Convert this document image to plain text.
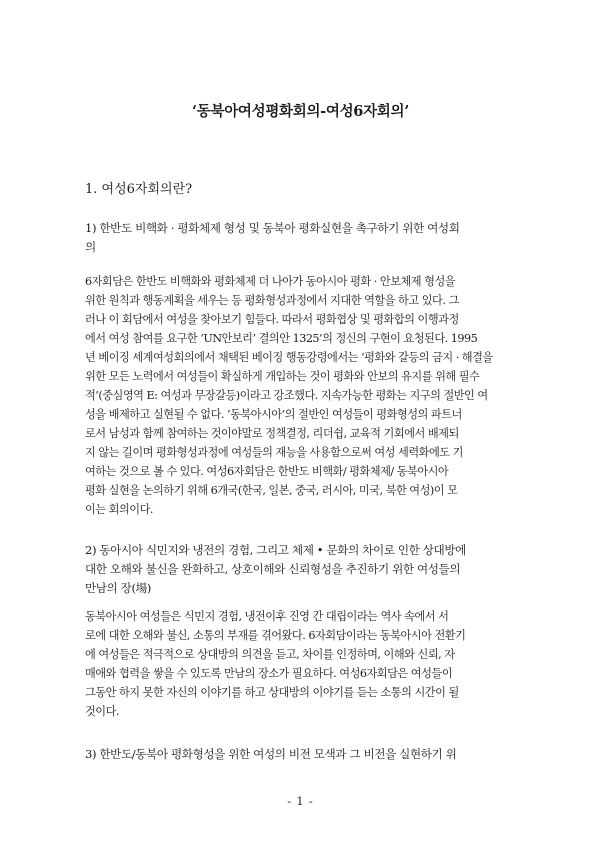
‘동북아여성평화회의-여성6자회의’
1. 여성6자회의란?
1) 한반도 비핵화 · 평화체제 형성 및 동북아 평화실현을 촉구하기 위한 여성회
의
6자회담은 한반도 비핵화와 평화체제 더 나아가 동아시아 평화 · 안보체제 형성을
위한 원칙과 행동계획을 세우는 등 평화형성과정에서 지대한 역할을 하고 있다. 그
러나 이 회담에서 여성을 찾아보기 힘들다. 따라서 평화협상 및 평화합의 이행과정
에서 여성 참여를 요구한 ‘UN안보리’ 결의안 1325’의 정신의 구현이 요청된다. 1995
년 베이징 세계여성회의에서 채택된 베이징 행동강령에서는 ‘평화와 갈등의 금지 · 해결을
위한 모든 노력에서 여성들이 확실하게 개입하는 것이 평화와 안보의 유지를 위해 필수
적’(중심영역 E: 여성과 무장갈등)이라고 강조했다. 지속가능한 평화는 지구의 절반인 여
성을 배제하고 실현될 수 없다. ‘동북아시아’의 절반인 여성들이 평화형성의 파트너
로서 남성과 함께 참여하는 것이야말로 정책결정, 리더쉽, 교육적 기회에서 배제되
지 않는 길이며 평화형성과정에 여성들의 재능을 사용함으로써 여성 세력화에도 기
여하는 것으로 볼 수 있다. 여성6자회담은 한반도 비핵화/ 평화체제/ 동북아시아
평화 실현을 논의하기 위해 6개국(한국, 일본, 중국, 러시아, 미국, 북한 여성)이 모
이는 회의이다.
2) 동아시아 식민지와 냉전의 경험, 그리고 체제 • 문화의 차이로 인한 상대방에
대한 오해와 불신을 완화하고, 상호이해와 신뢰형성을 추진하기 위한 여성들의
만남의 장(場)
동북아시아 여성들은 식민지 경험, 냉전이후 진영 간 대립이라는 역사 속에서 서
로에 대한 오해와 불신, 소통의 부재를 겪어왔다. 6자회담이라는 동북아시아 전환기
에 여성들은 적극적으로 상대방의 의견을 듣고, 차이를 인정하며, 이해와 신뢰, 자
매애와 협력을 쌓을 수 있도록 만남의 장소가 필요하다. 여성6자회담은 여성들이
그동안 하지 못한 자신의 이야기를 하고 상대방의 이야기를 듣는 소통의 시간이 될
것이다.
3) 한반도/동북아 평화형성을 위한 여성의 비전 모색과 그 비전을 실현하기 위
- 1 -
